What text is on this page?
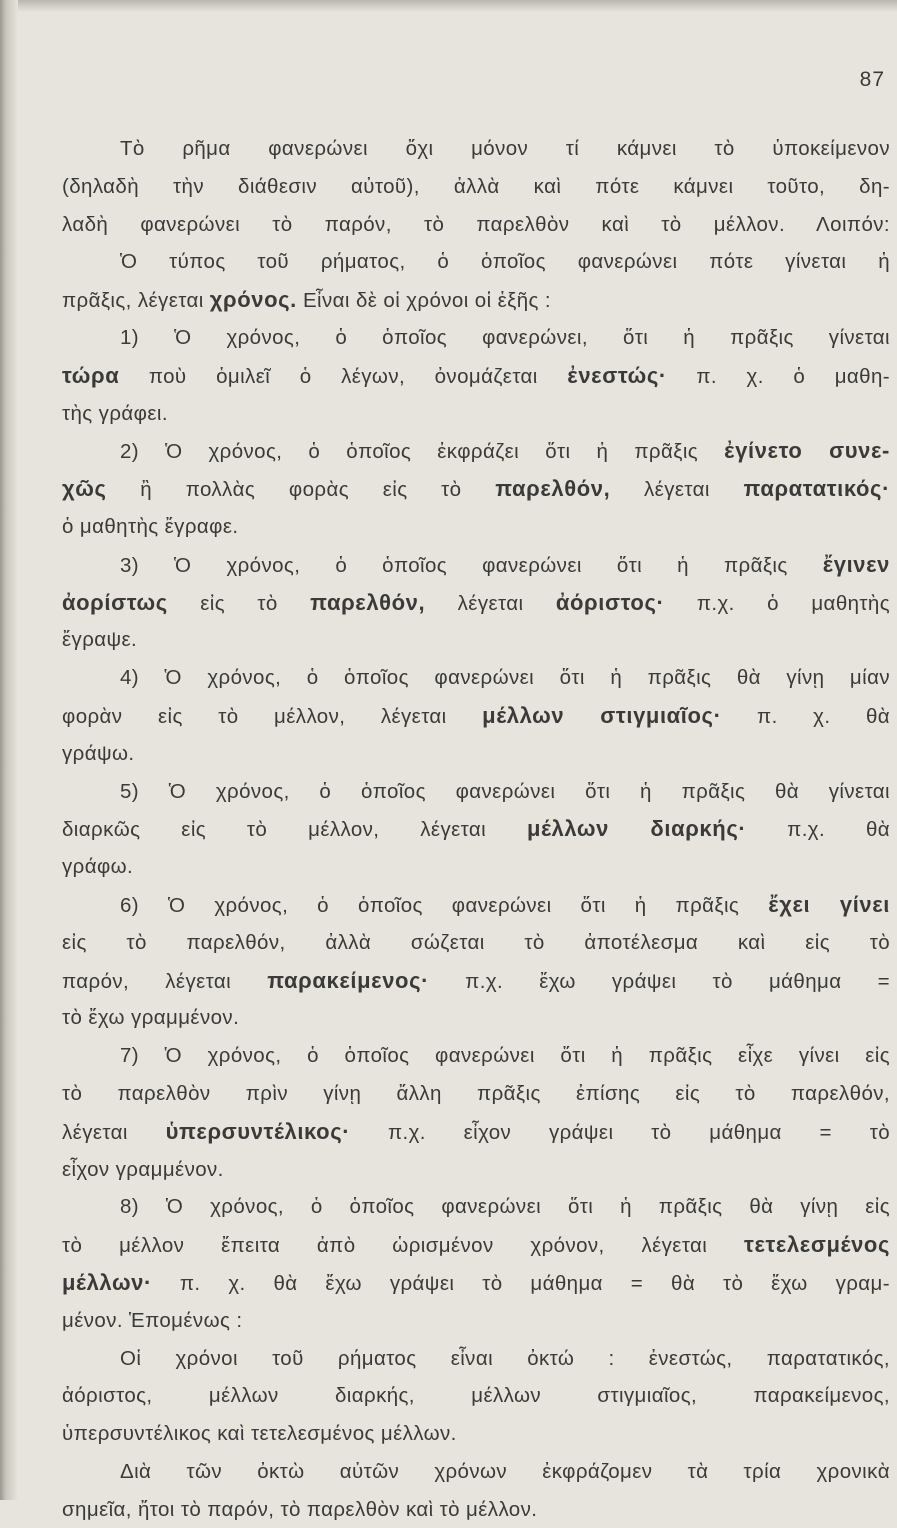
87
Τὸ ρῆμα φανερώνει ὄχι μόνον τί κάμνει τὸ ὑποκείμενον
(δηλαδὴ τὴν διάθεσιν αὐτοῦ), ἀλλὰ καὶ πότε κάμνει τοῦτο, δη-
λαδὴ φανερώνει τὸ παρόν, τὸ παρελθὸν καὶ τὸ μέλλον. Λοιπόν:
Ὁ τύπος τοῦ ρήματος, ὁ ὁποῖος φανερώνει πότε γίνεται ἡ
πρᾶξις, λέγεται χρόνος. Εἶναι δὲ οἱ χρόνοι οἱ ἑξῆς :
1) Ὁ χρόνος, ὁ ὁποῖος φανερώνει, ὅτι ἡ πρᾶξις γίνεται
τώρα ποὺ ὁμιλεῖ ὁ λέγων, ὀνομάζεται ἐνεστώς· π. χ. ὁ μαθη-
τὴς γράφει.
2) Ὁ χρόνος, ὁ ὁποῖος ἐκφράζει ὅτι ἡ πρᾶξις ἐγίνετο συνε-
χῶς ἢ πολλὰς φορὰς εἰς τὸ παρελθόν, λέγεται παρατατικός·
ὁ μαθητὴς ἔγραφε.
3) Ὁ χρόνος, ὁ ὁποῖος φανερώνει ὅτι ἡ πρᾶξις ἔγινεν
ἀορίστως εἰς τὸ παρελθόν, λέγεται ἀόριστος· π.χ. ὁ μαθητὴς
ἔγραψε.
4) Ὁ χρόνος, ὁ ὁποῖος φανερώνει ὅτι ἡ πρᾶξις θὰ γίνῃ μίαν
φορὰν εἰς τὸ μέλλον, λέγεται μέλλων στιγμιαῖος· π. χ. θὰ
γράψω.
5) Ὁ χρόνος, ὁ ὁποῖος φανερώνει ὅτι ἡ πρᾶξις θὰ γίνεται
διαρκῶς εἰς τὸ μέλλον, λέγεται μέλλων διαρκής· π.χ. θὰ
γράφω.
6) Ὁ χρόνος, ὁ ὁποῖος φανερώνει ὅτι ἡ πρᾶξις ἔχει γίνει
εἰς τὸ παρελθόν, ἀλλὰ σώζεται τὸ ἀποτέλεσμα καὶ εἰς τὸ
παρόν, λέγεται παρακείμενος· π.χ. ἔχω γράψει τὸ μάθημα =
τὸ ἔχω γραμμένον.
7) Ὁ χρόνος, ὁ ὁποῖος φανερώνει ὅτι ἡ πρᾶξις εἶχε γίνει εἰς
τὸ παρελθὸν πρὶν γίνῃ ἄλλη πρᾶξις ἐπίσης εἰς τὸ παρελθόν,
λέγεται ὑπερσυντέλικος· π.χ. εἶχον γράψει τὸ μάθημα = τὸ
εἶχον γραμμένον.
8) Ὁ χρόνος, ὁ ὁποῖος φανερώνει ὅτι ἡ πρᾶξις θὰ γίνῃ εἰς
τὸ μέλλον ἔπειτα ἀπὸ ὡρισμένον χρόνον, λέγεται τετελεσμένος
μέλλων· π. χ. θὰ ἔχω γράψει τὸ μάθημα = θὰ τὸ ἔχω γραμ-
μένον. Ἑπομένως :
Οἱ χρόνοι τοῦ ρήματος εἶναι ὀκτώ : ἐνεστώς, παρατατικός,
ἀόριστος, μέλλων διαρκής, μέλλων στιγμιαῖος, παρακείμενος,
ὑπερσυντέλικος καὶ τετελεσμένος μέλλων.
Διὰ τῶν ὀκτὼ αὐτῶν χρόνων ἐκφράζομεν τὰ τρία χρονικὰ
σημεῖα, ἤτοι τὸ παρόν, τὸ παρελθὸν καὶ τὸ μέλλον.
